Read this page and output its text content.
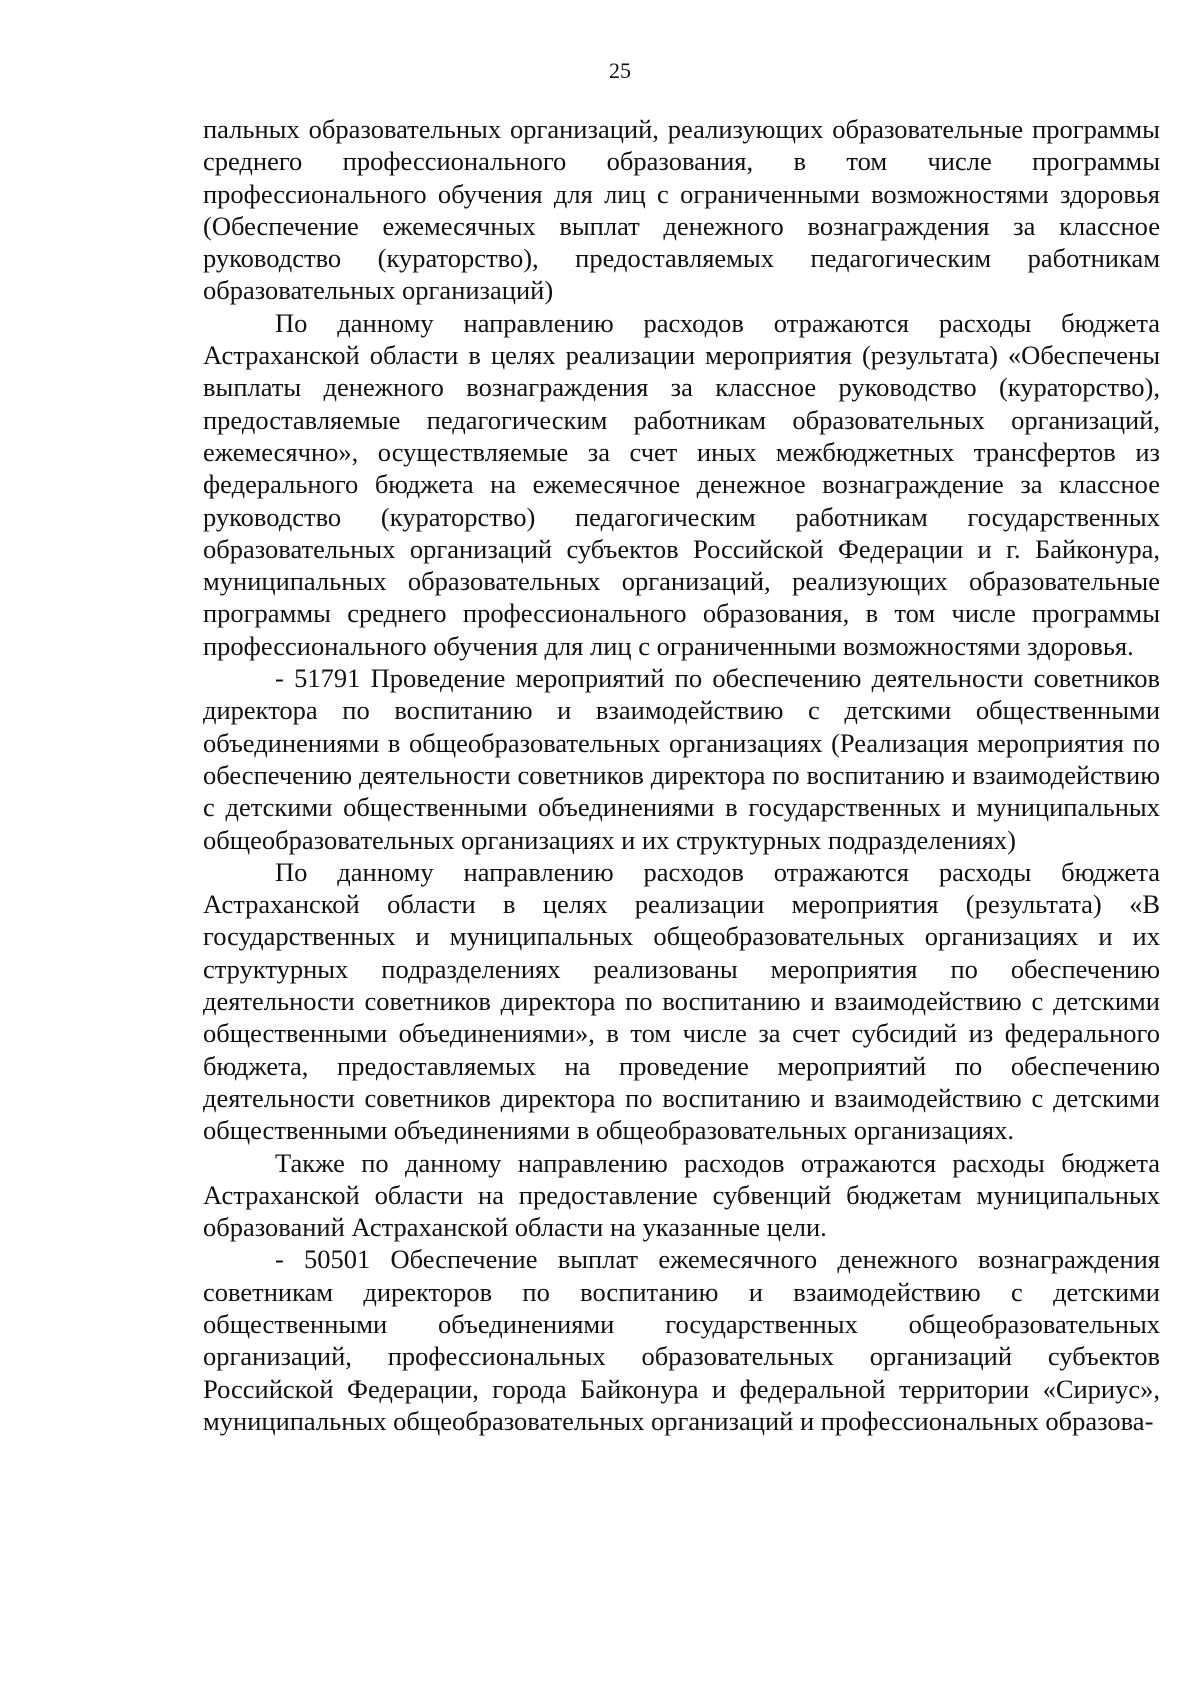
25

пальных образовательных организаций, реализующих образовательные программы среднего профессионального образования, в том числе программы профессионального обучения для лиц с ограниченными возможностями здоровья (Обеспечение ежемесячных выплат денежного вознаграждения за классное руководство (кураторство), предоставляемых педагогическим работникам образовательных организаций)

По данному направлению расходов отражаются расходы бюджета Астраханской области в целях реализации мероприятия (результата) «Обеспечены выплаты денежного вознаграждения за классное руководство (кураторство), предоставляемые педагогическим работникам образовательных организаций, ежемесячно», осуществляемые за счет иных межбюджетных трансфертов из федерального бюджета на ежемесячное денежное вознаграждение за классное руководство (кураторство) педагогическим работникам государственных образовательных организаций субъектов Российской Федерации и г. Байконура, муниципальных образовательных организаций, реализующих образовательные программы среднего профессионального образования, в том числе программы профессионального обучения для лиц с ограниченными возможностями здоровья.

- 51791 Проведение мероприятий по обеспечению деятельности советников директора по воспитанию и взаимодействию с детскими общественными объединениями в общеобразовательных организациях (Реализация мероприятия по обеспечению деятельности советников директора по воспитанию и взаимодействию с детскими общественными объединениями в государственных и муниципальных общеобразовательных организациях и их структурных подразделениях)

По данному направлению расходов отражаются расходы бюджета Астраханской области в целях реализации мероприятия (результата) «В государственных и муниципальных общеобразовательных организациях и их структурных подразделениях реализованы мероприятия по обеспечению деятельности советников директора по воспитанию и взаимодействию с детскими общественными объединениями», в том числе за счет субсидий из федерального бюджета, предоставляемых на проведение мероприятий по обеспечению деятельности советников директора по воспитанию и взаимодействию с детскими общественными объединениями в общеобразовательных организациях.

Также по данному направлению расходов отражаются расходы бюджета Астраханской области на предоставление субвенций бюджетам муниципальных образований Астраханской области на указанные цели.

- 50501 Обеспечение выплат ежемесячного денежного вознаграждения советникам директоров по воспитанию и взаимодействию с детскими общественными объединениями государственных общеобразовательных организаций, профессиональных образовательных организаций субъектов Российской Федерации, города Байконура и федеральной территории «Сириус», муниципальных общеобразовательных организаций и профессиональных образова-
